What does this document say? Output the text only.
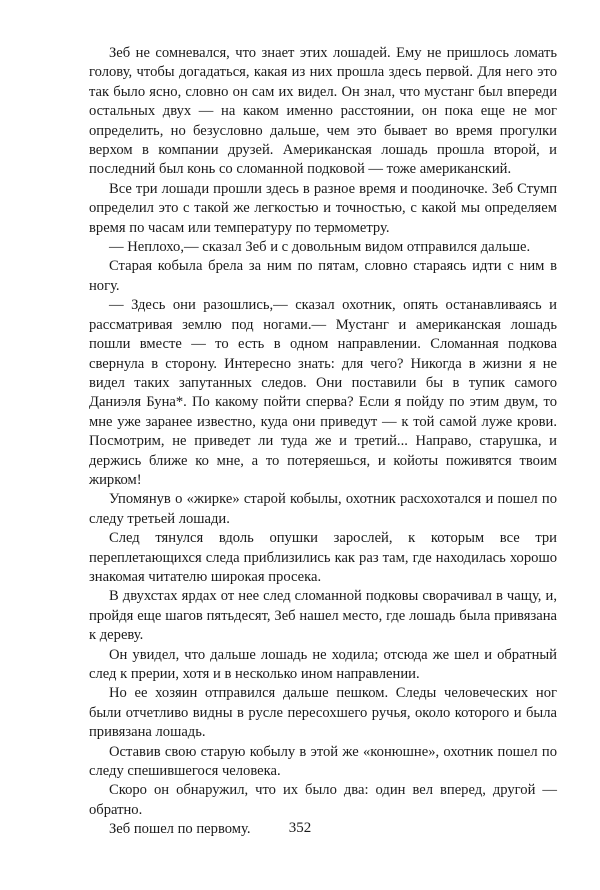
Зеб не сомневался, что знает этих лошадей. Ему не пришлось ломать голову, чтобы догадаться, какая из них прошла здесь первой. Для него это так было ясно, словно он сам их видел. Он знал, что мустанг был впереди остальных двух — на каком именно расстоянии, он пока еще не мог определить, но безусловно дальше, чем это бывает во время прогулки верхом в компании друзей. Американская лошадь прошла второй, и последний был конь со сломанной подковой — тоже американский.

Все три лошади прошли здесь в разное время и поодиночке. Зеб Стумп определил это с такой же легкостью и точностью, с какой мы определяем время по часам или температуру по термометру.

— Неплохо,— сказал Зеб и с довольным видом отправился дальше.

Старая кобыла брела за ним по пятам, словно стараясь идти с ним в ногу.

— Здесь они разошлись,— сказал охотник, опять останавливаясь и рассматривая землю под ногами.— Мустанг и американская лошадь пошли вместе — то есть в одном направлении. Сломанная подкова свернула в сторону. Интересно знать: для чего? Никогда в жизни я не видел таких запутанных следов. Они поставили бы в тупик самого Даниэля Буна*. По какому пойти сперва? Если я пойду по этим двум, то мне уже заранее известно, куда они приведут — к той самой луже крови. Посмотрим, не приведет ли туда же и третий... Направо, старушка, и держись ближе ко мне, а то потеряешься, и койоты поживятся твоим жирком!

Упомянув о «жирке» старой кобылы, охотник расхохотался и пошел по следу третьей лошади.

След тянулся вдоль опушки зарослей, к которым все три переплетающихся следа приблизились как раз там, где находилась хорошо знакомая читателю широкая просека.

В двухстах ярдах от нее след сломанной подковы сворачивал в чащу, и, пройдя еще шагов пятьдесят, Зеб нашел место, где лошадь была привязана к дереву.

Он увидел, что дальше лошадь не ходила; отсюда же шел и обратный след к прерии, хотя и в несколько ином направлении.

Но ее хозяин отправился дальше пешком. Следы человеческих ног были отчетливо видны в русле пересохшего ручья, около которого и была привязана лошадь.

Оставив свою старую кобылу в этой же «конюшне», охотник пошел по следу спешившегося человека.

Скоро он обнаружил, что их было два: один вел вперед, другой — обратно.

Зеб пошел по первому.	352
